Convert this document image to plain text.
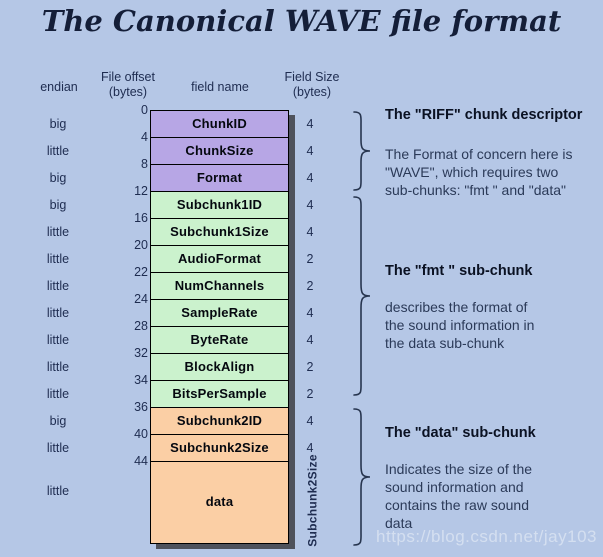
The Canonical WAVE file format
endian
File offset
(bytes)	field name
Field Size
(bytes)
big
little
big
big
little
little
little
little
little
little
little
big
little
little
0
4
8
12
16
20
22
24
28
32
34
36
40
44
ChunkID
ChunkSize
Format
Subchunk1ID
Subchunk1Size
AudioFormat
NumChannels
SampleRate
ByteRate
BlockAlign
BitsPerSample
Subchunk2ID
Subchunk2Size
data
4
4
4
4
4
2
2
4
4
2
2
4
4
Subchunk2Size
The "RIFF" chunk descriptor
The Format of concern here is
"WAVE", which requires two
sub-chunks: "fmt " and "data"
The "fmt " sub-chunk
describes the format of
the sound information in
the data sub-chunk
The "data" sub-chunk
Indicates the size of the
sound information and
contains the raw sound
data
https://blog.csdn.net/jay103
